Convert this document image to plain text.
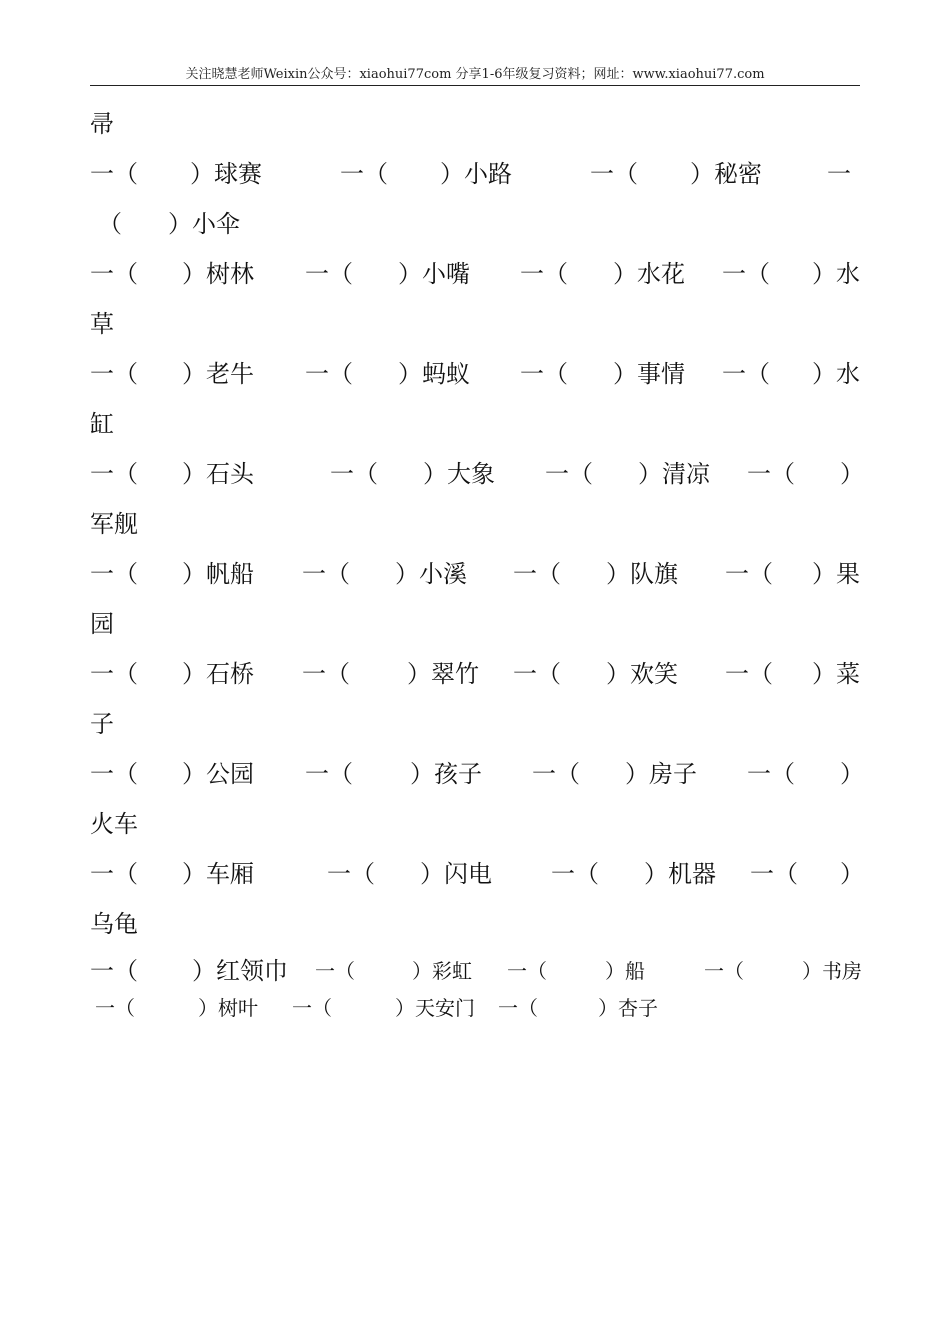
关注晓慧老师Weixin公众号：xiaohui77com 分享1-6年级复习资料；网址：www.xiaohui77.com
帚
一（ ）球赛	一（ ）小路	一（ ）秘密	一
（ ）小伞
一（ ）树林 一（ ）小嘴 一（ ）水花 一（ ）水
草
一（ ）老牛 一（ ）蚂蚁 一（ ）事情 一（ ）水
缸
一（ ）石头	一（ ）大象 一（ ）清凉 一（ ）
军舰
一（ ）帆船 一（ ）小溪 一（ ）队旗 一（ ）果
园
一（ ）石桥 一（ ）翠竹 一（ ）欢笑 一（ ）菜
子
一（ ）公园 一（ ）孩子 一（ ）房子 一（ ）
火车
一（ ）车厢	一（ ）闪电 一（ ）机器 一（ ）
乌龟
一（ ）红领巾 一（	）彩虹 一（	）船	一（	）书房
一（	）树叶 一（	）天安门 一（	）杏子
